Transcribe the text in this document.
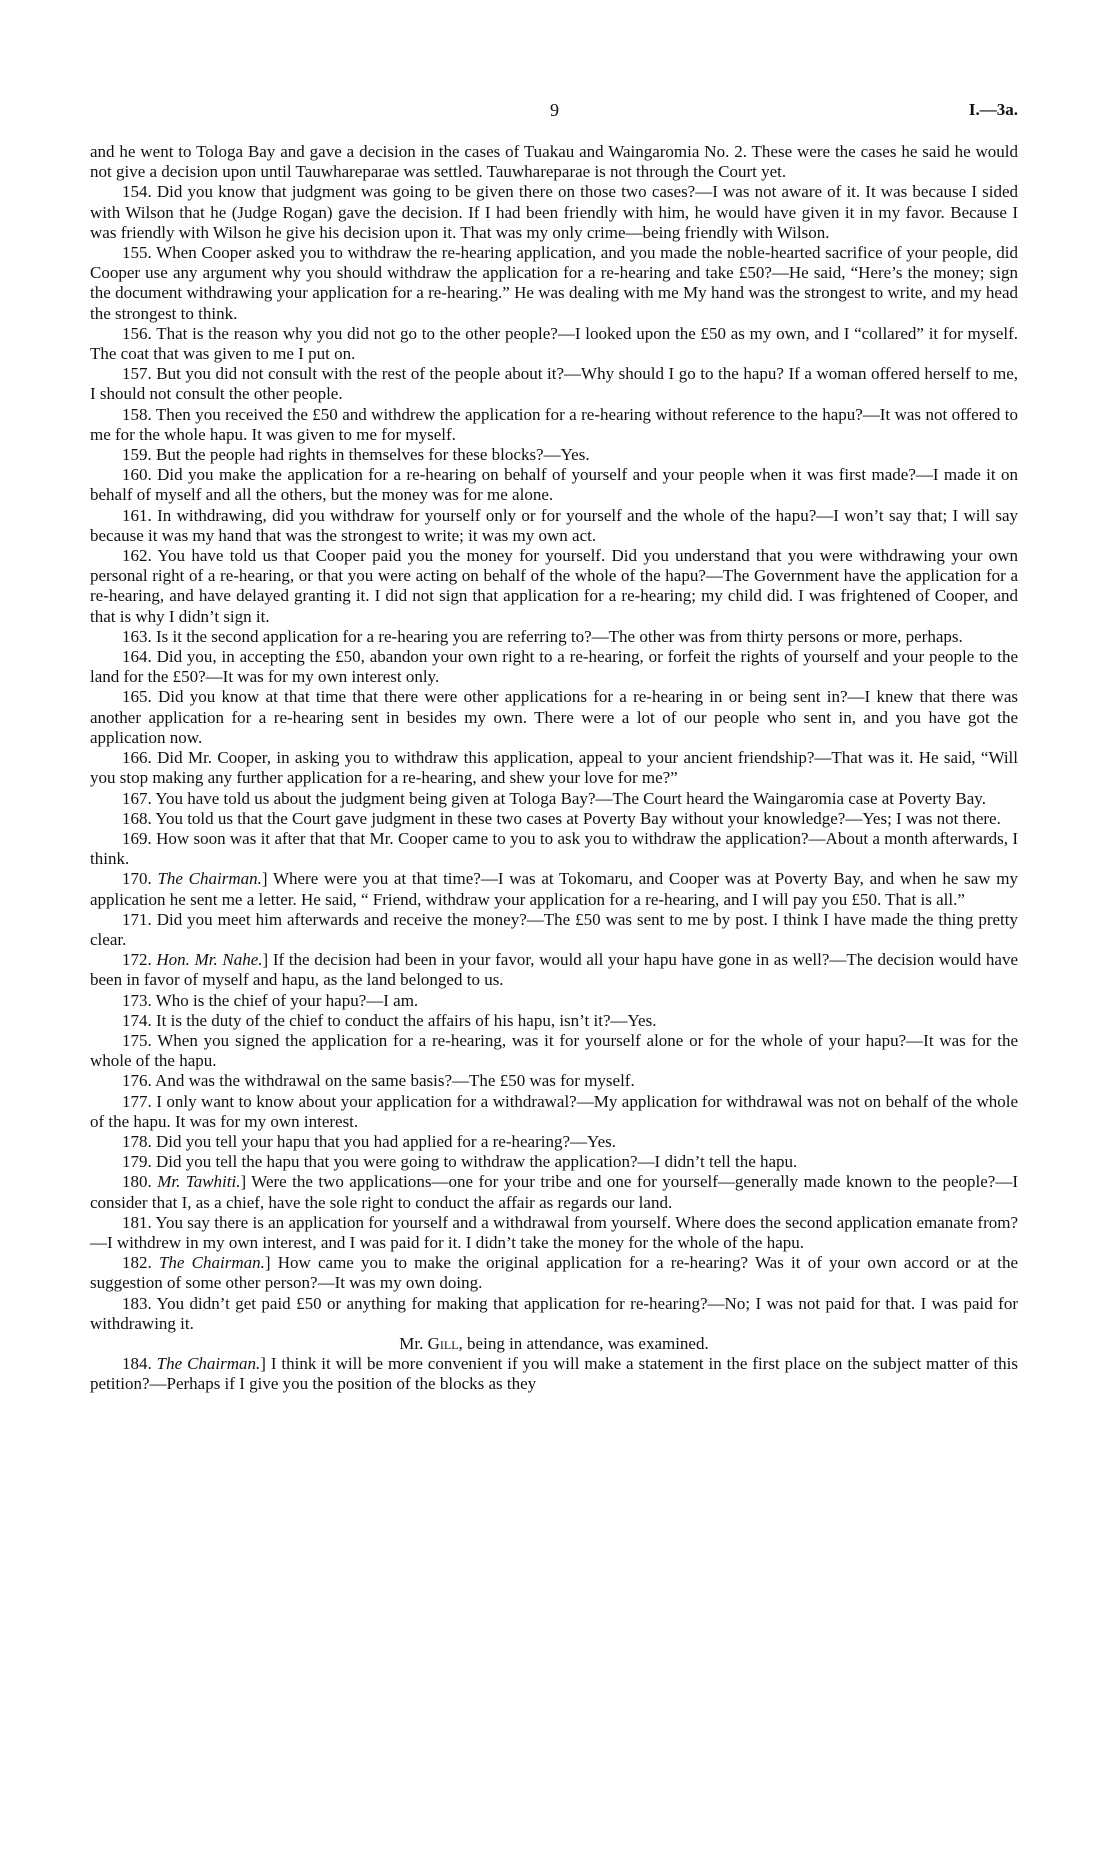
9	I.—3a.

and he went to Tologa Bay and gave a decision in the cases of Tuakau and Waingaromia No. 2. These were the cases he said he would not give a decision upon until Tauwhareparae was settled. Tauwhareparae is not through the Court yet.

154. Did you know that judgment was going to be given there on those two cases?—I was not aware of it. It was because I sided with Wilson that he (Judge Rogan) gave the decision. If I had been friendly with him, he would have given it in my favor. Because I was friendly with Wilson he give his decision upon it. That was my only crime—being friendly with Wilson.

155. When Cooper asked you to withdraw the re-hearing application, and you made the noble-hearted sacrifice of your people, did Cooper use any argument why you should withdraw the application for a re-hearing and take £50?—He said, “Here’s the money; sign the document withdrawing your application for a re-hearing.” He was dealing with me My hand was the strongest to write, and my head the strongest to think.

156. That is the reason why you did not go to the other people?—I looked upon the £50 as my own, and I “collared” it for myself. The coat that was given to me I put on.

157. But you did not consult with the rest of the people about it?—Why should I go to the hapu? If a woman offered herself to me, I should not consult the other people.

158. Then you received the £50 and withdrew the application for a re-hearing without reference to the hapu?—It was not offered to me for the whole hapu. It was given to me for myself.

159. But the people had rights in themselves for these blocks?—Yes.

160. Did you make the application for a re-hearing on behalf of yourself and your people when it was first made?—I made it on behalf of myself and all the others, but the money was for me alone.

161. In withdrawing, did you withdraw for yourself only or for yourself and the whole of the hapu?—I won’t say that; I will say because it was my hand that was the strongest to write; it was my own act.

162. You have told us that Cooper paid you the money for yourself. Did you understand that you were withdrawing your own personal right of a re-hearing, or that you were acting on behalf of the whole of the hapu?—The Government have the application for a re-hearing, and have delayed granting it. I did not sign that application for a re-hearing; my child did. I was frightened of Cooper, and that is why I didn’t sign it.

163. Is it the second application for a re-hearing you are referring to?—The other was from thirty persons or more, perhaps.

164. Did you, in accepting the £50, abandon your own right to a re-hearing, or forfeit the rights of yourself and your people to the land for the £50?—It was for my own interest only.

165. Did you know at that time that there were other applications for a re-hearing in or being sent in?—I knew that there was another application for a re-hearing sent in besides my own. There were a lot of our people who sent in, and you have got the application now.

166. Did Mr. Cooper, in asking you to withdraw this application, appeal to your ancient friendship?—That was it. He said, “Will you stop making any further application for a re-hearing, and shew your love for me?”

167. You have told us about the judgment being given at Tologa Bay?—The Court heard the Waingaromia case at Poverty Bay.

168. You told us that the Court gave judgment in these two cases at Poverty Bay without your knowledge?—Yes; I was not there.

169. How soon was it after that that Mr. Cooper came to you to ask you to withdraw the application?—About a month afterwards, I think.

170. The Chairman.] Where were you at that time?—I was at Tokomaru, and Cooper was at Poverty Bay, and when he saw my application he sent me a letter. He said, “ Friend, withdraw your application for a re-hearing, and I will pay you £50. That is all.”

171. Did you meet him afterwards and receive the money?—The £50 was sent to me by post. I think I have made the thing pretty clear.

172. Hon. Mr. Nahe.] If the decision had been in your favor, would all your hapu have gone in as well?—The decision would have been in favor of myself and hapu, as the land belonged to us.

173. Who is the chief of your hapu?—I am.

174. It is the duty of the chief to conduct the affairs of his hapu, isn’t it?—Yes.

175. When you signed the application for a re-hearing, was it for yourself alone or for the whole of your hapu?—It was for the whole of the hapu.

176. And was the withdrawal on the same basis?—The £50 was for myself.

177. I only want to know about your application for a withdrawal?—My application for withdrawal was not on behalf of the whole of the hapu. It was for my own interest.

178. Did you tell your hapu that you had applied for a re-hearing?—Yes.

179. Did you tell the hapu that you were going to withdraw the application?—I didn’t tell the hapu.

180. Mr. Tawhiti.] Were the two applications—one for your tribe and one for yourself—generally made known to the people?—I consider that I, as a chief, have the sole right to conduct the affair as regards our land.

181. You say there is an application for yourself and a withdrawal from yourself. Where does the second application emanate from?—I withdrew in my own interest, and I was paid for it. I didn’t take the money for the whole of the hapu.

182. The Chairman.] How came you to make the original application for a re-hearing? Was it of your own accord or at the suggestion of some other person?—It was my own doing.

183. You didn’t get paid £50 or anything for making that application for re-hearing?—No; I was not paid for that. I was paid for withdrawing it.

Mr. Gill, being in attendance, was examined.

184. The Chairman.] I think it will be more convenient if you will make a statement in the first place on the subject matter of this petition?—Perhaps if I give you the position of the blocks as they
